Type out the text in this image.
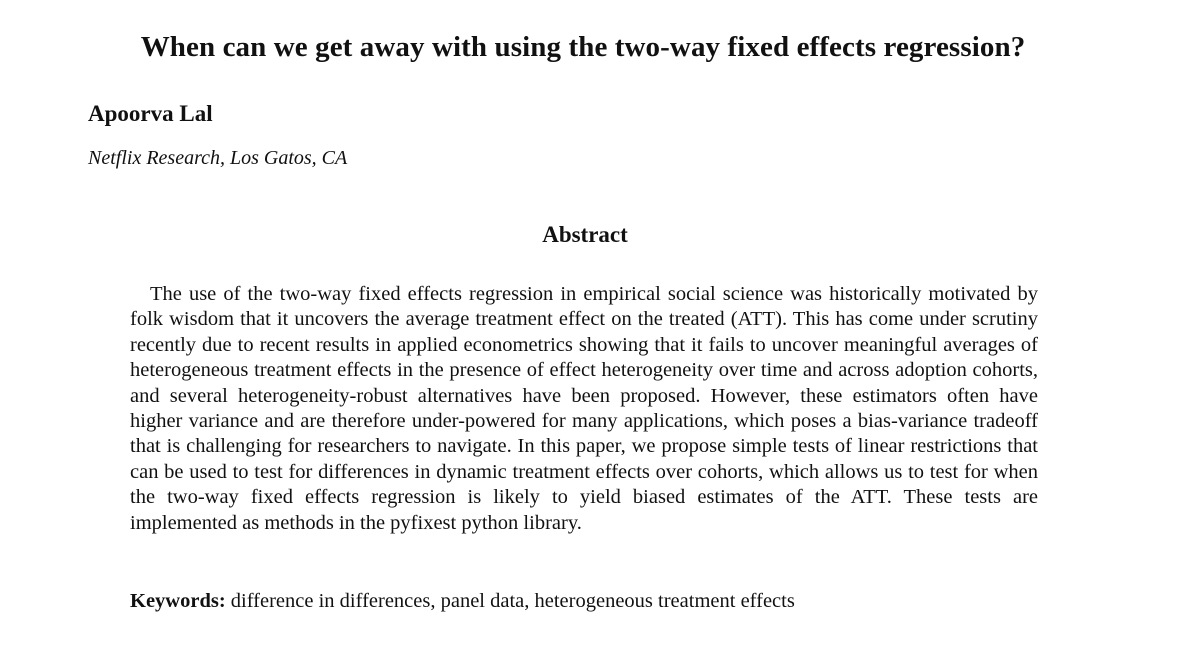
When can we get away with using the two-way fixed effects regression?
Apoorva Lal
Netflix Research, Los Gatos, CA
Abstract

The use of the two-way fixed effects regression in empirical social science was historically motivated by folk wisdom that it uncovers the average treatment effect on the treated (ATT). This has come under scrutiny recently due to recent results in applied econometrics showing that it fails to uncover meaningful averages of heterogeneous treatment effects in the presence of effect heterogeneity over time and across adoption cohorts, and several heterogeneity-robust alternatives have been proposed. However, these estimators often have higher variance and are therefore under-powered for many applications, which poses a bias-variance tradeoff that is challenging for researchers to navigate. In this paper, we propose simple tests of linear restrictions that can be used to test for differences in dynamic treatment effects over cohorts, which allows us to test for when the two-way fixed effects regression is likely to yield biased estimates of the ATT. These tests are implemented as methods in the pyfixest python library.

Keywords: difference in differences, panel data, heterogeneous treatment effects
